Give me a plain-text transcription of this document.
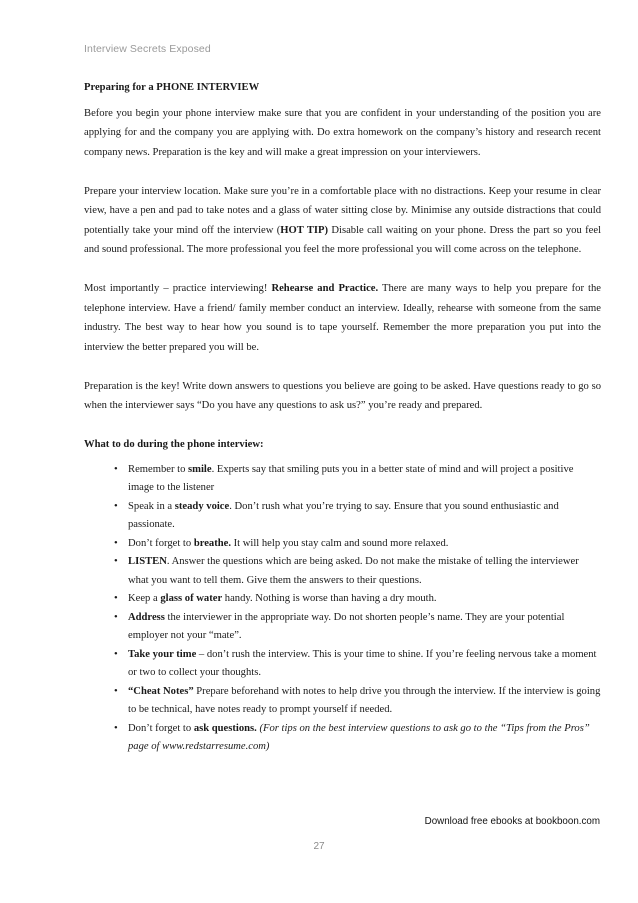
Interview Secrets Exposed
Preparing for a PHONE INTERVIEW

Before you begin your phone interview make sure that you are confident in your understanding of the position you are applying for and the company you are applying with. Do extra homework on the company’s history and research recent company news. Preparation is the key and will make a great impression on your interviewers.

Prepare your interview location. Make sure you’re in a comfortable place with no distractions. Keep your resume in clear view, have a pen and pad to take notes and a glass of water sitting close by. Minimise any outside distractions that could potentially take your mind off the interview (HOT TIP) Disable call waiting on your phone. Dress the part so you feel and sound professional. The more professional you feel the more professional you will come across on the telephone.

Most importantly – practice interviewing! Rehearse and Practice. There are many ways to help you prepare for the telephone interview. Have a friend/ family member conduct an interview. Ideally, rehearse with someone from the same industry. The best way to hear how you sound is to tape yourself. Remember the more preparation you put into the interview the better prepared you will be.

Preparation is the key! Write down answers to questions you believe are going to be asked. Have questions ready to go so when the interviewer says “Do you have any questions to ask us?” you’re ready and prepared.

What to do during the phone interview:
• Remember to smile. Experts say that smiling puts you in a better state of mind and will project a positive image to the listener
• Speak in a steady voice. Don’t rush what you’re trying to say. Ensure that you sound enthusiastic and passionate.
• Don’t forget to breathe. It will help you stay calm and sound more relaxed.
• LISTEN. Answer the questions which are being asked. Do not make the mistake of telling the interviewer what you want to tell them. Give them the answers to their questions.
• Keep a glass of water handy. Nothing is worse than having a dry mouth.
• Address the interviewer in the appropriate way. Do not shorten people’s name. They are your potential employer not your “mate”.
• Take your time – don’t rush the interview. This is your time to shine. If you’re feeling nervous take a moment or two to collect your thoughts.
• “Cheat Notes” Prepare beforehand with notes to help drive you through the interview. If the interview is going to be technical, have notes ready to prompt yourself if needed.
• Don’t forget to ask questions. (For tips on the best interview questions to ask go to the “Tips from the Pros” page of www.redstarresume.com)
Download free ebooks at bookboon.com
27
